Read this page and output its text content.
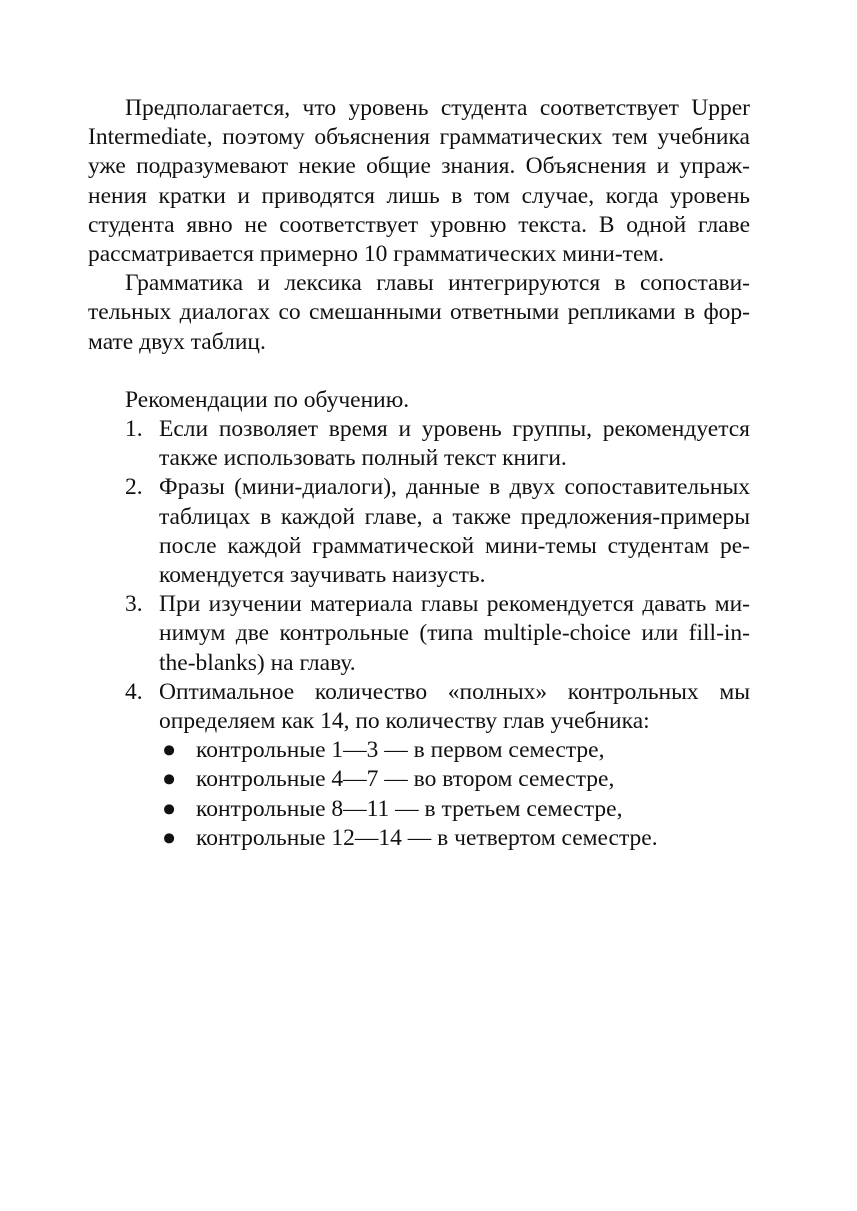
Предполагается, что уровень студента соответствует Upper Intermediate, поэтому объяснения грамматических тем учебника уже подразумевают некие общие знания. Объяснения и упражнения кратки и приводятся лишь в том случае, когда уровень студента явно не соответствует уровню текста. В одной главе рассматривается примерно 10 грамматических мини-тем.

Грамматика и лексика главы интегрируются в сопоставительных диалогах со смешанными ответными репликами в формате двух таблиц.

Рекомендации по обучению.

1. Если позволяет время и уровень группы, рекомендуется также использовать полный текст книги.
2. Фразы (мини-диалоги), данные в двух сопоставительных таблицах в каждой главе, а также предложения-примеры после каждой грамматической мини-темы студентам рекомендуется заучивать наизусть.
3. При изучении материала главы рекомендуется давать минимум две контрольные (типа multiple-choice или fill-in-the-blanks) на главу.
4. Оптимальное количество «полных» контрольных мы определяем как 14, по количеству глав учебника:
● контрольные 1—3 — в первом семестре,
● контрольные 4—7 — во втором семестре,
● контрольные 8—11 — в третьем семестре,
● контрольные 12—14 — в четвертом семестре.
